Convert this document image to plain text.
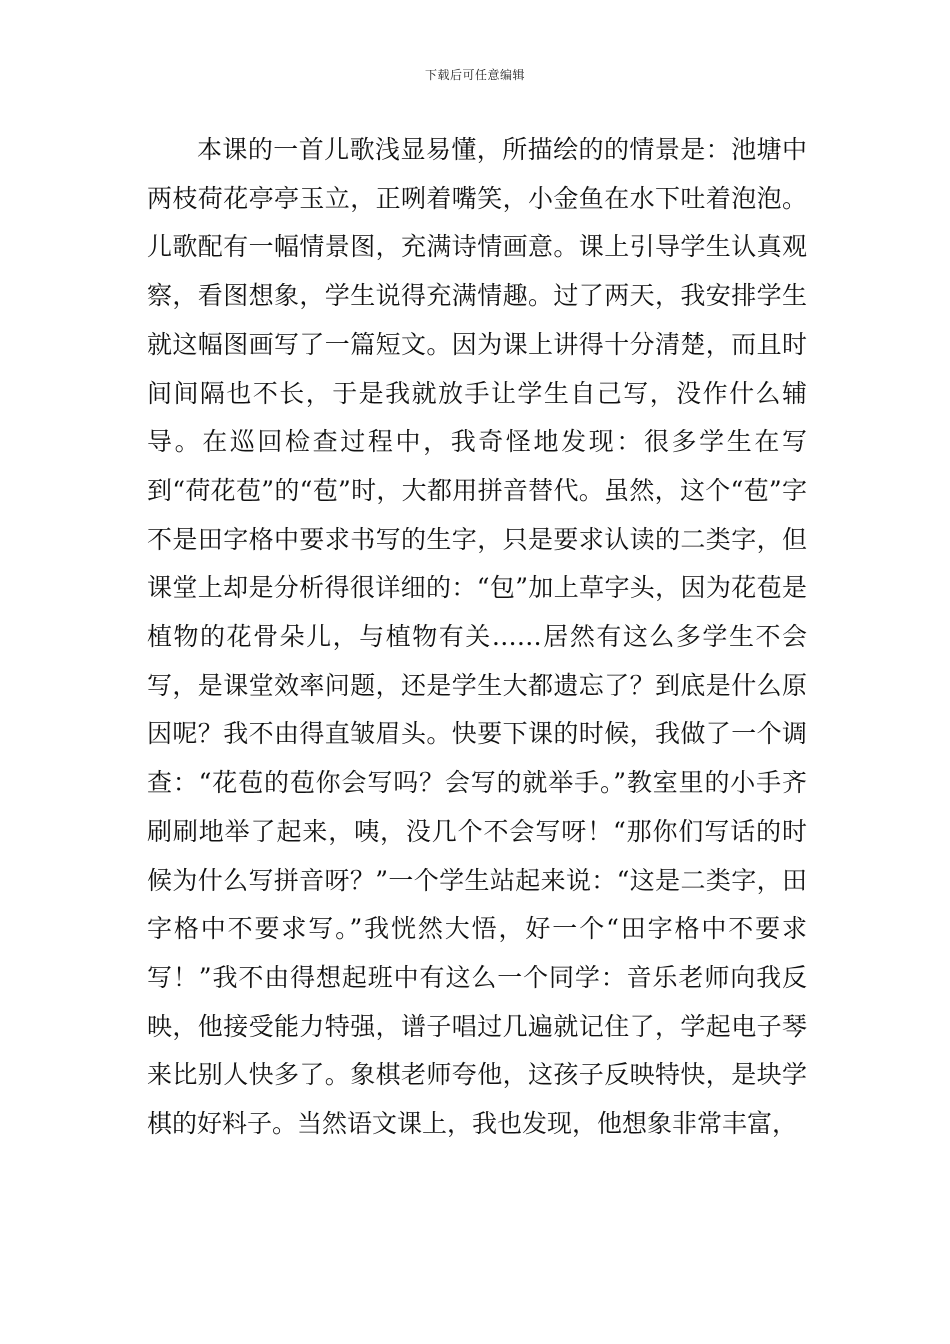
下载后可任意编辑

本课的一首儿歌浅显易懂，所描绘的的情景是：池塘中两枝荷花亭亭玉立，正咧着嘴笑，小金鱼在水下吐着泡泡。儿歌配有一幅情景图，充满诗情画意。课上引导学生认真观察，看图想象，学生说得充满情趣。过了两天，我安排学生就这幅图画写了一篇短文。因为课上讲得十分清楚，而且时间间隔也不长，于是我就放手让学生自己写，没作什么辅导。在巡回检查过程中，我奇怪地发现：很多学生在写到“荷花苞”的“苞”时，大都用拼音替代。虽然，这个“苞”字不是田字格中要求书写的生字，只是要求认读的二类字，但课堂上却是分析得很详细的：“包”加上草字头，因为花苞是植物的花骨朵儿，与植物有关……居然有这么多学生不会写，是课堂效率问题，还是学生大都遗忘了？到底是什么原因呢？我不由得直皱眉头。快要下课的时候，我做了一个调查：“花苞的苞你会写吗？会写的就举手。”教室里的小手齐刷刷地举了起来，咦，没几个不会写呀！“那你们写话的时候为什么写拼音呀？”一个学生站起来说：“这是二类字，田字格中不要求写。”我恍然大悟，好一个“田字格中不要求写！”我不由得想起班中有这么一个同学：音乐老师向我反映，他接受能力特强，谱子唱过几遍就记住了，学起电子琴来比别人快多了。象棋老师夸他，这孩子反映特快，是块学棋的好料子。当然语文课上，我也发现，他想象非常丰富，
